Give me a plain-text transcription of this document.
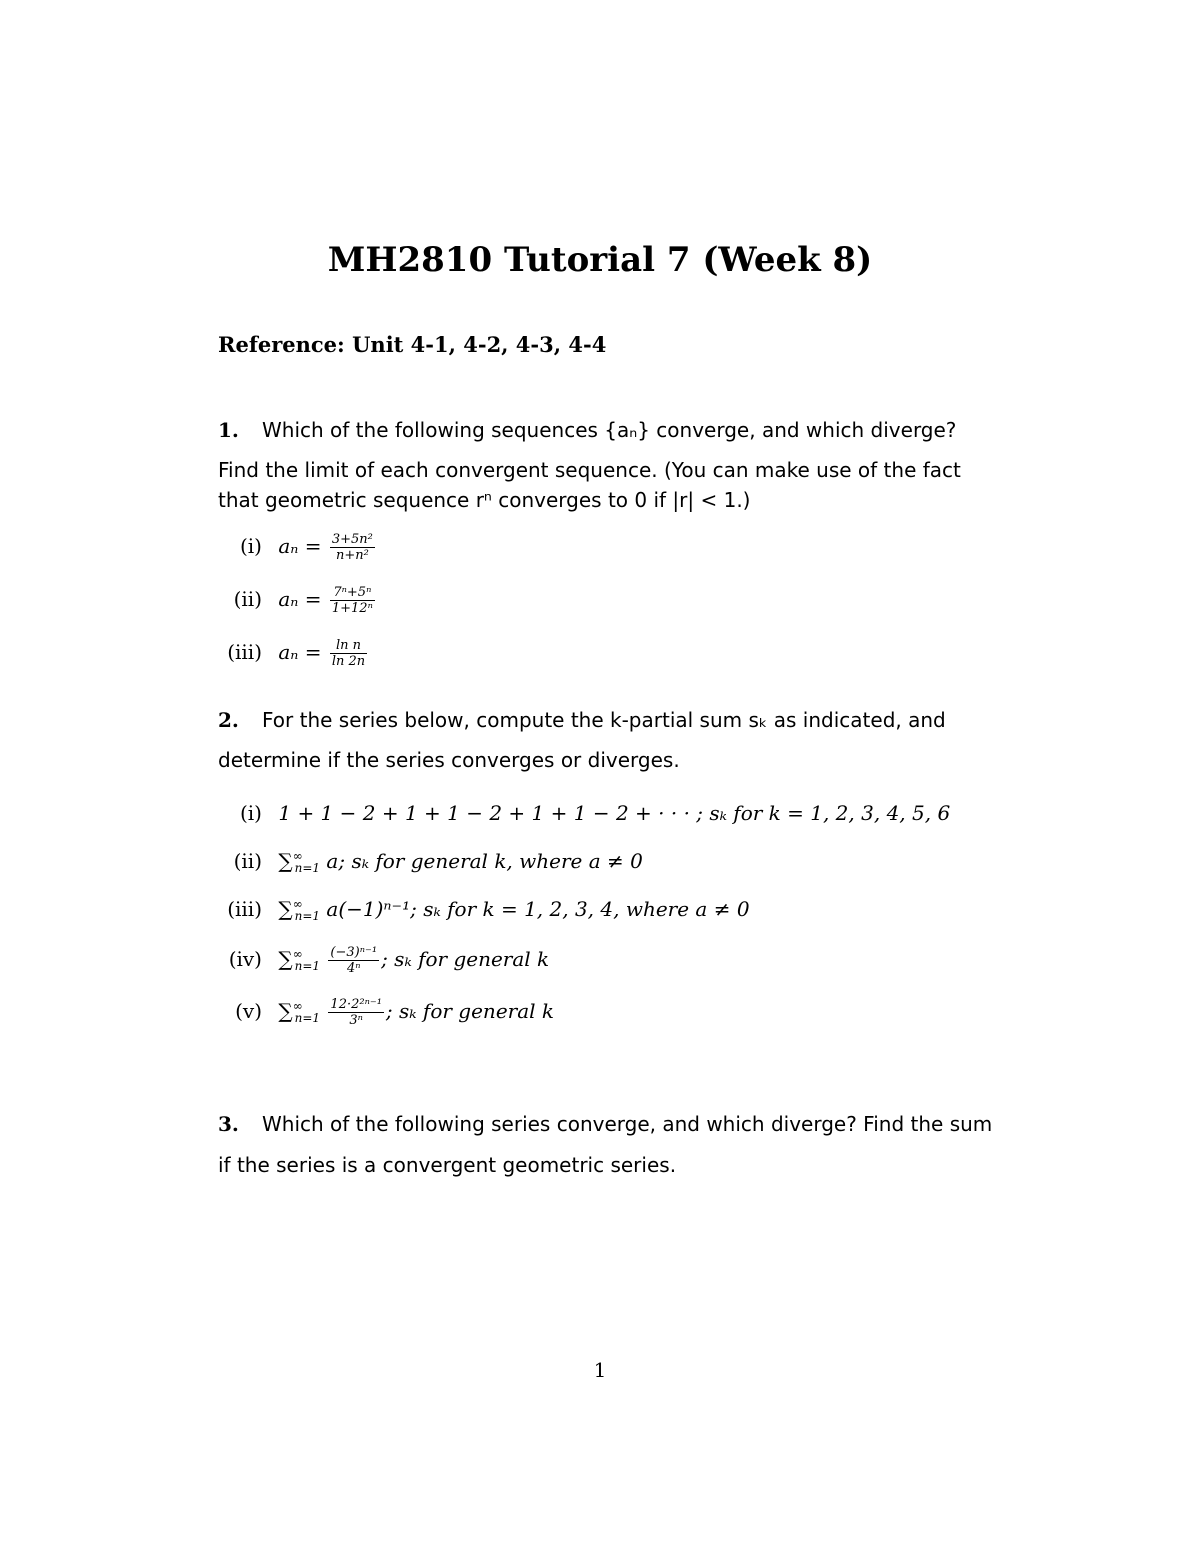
MH2810 Tutorial 7 (Week 8)
Reference: Unit 4-1, 4-2, 4-3, 4-4
1. Which of the following sequences {aₙ} converge, and which diverge?
Find the limit of each convergent sequence. (You can make use of the fact
that geometric sequence rⁿ converges to 0 if |r| < 1.)
(i) $a_n = \frac{\text{3+5n²}}{\text{n+n²}}$
(ii) $a_n = \frac{\text{7ⁿ+5ⁿ}}{\text{1+12ⁿ}}$
(iii) $a_n = \frac{\text{ln n}}{\ln 2n}$
2. For the series below, compute the k-partial sum sₖ as indicated, and
determine if the series converges or diverges.
(i) 1 + 1 − 2 + 1 + 1 − 2 + 1 + 1 − 2 + · · · ; sₖ for k = 1, 2, 3, 4, 5, 6
(ii) $\sum^\infty_{n=1}$ a; sₖ for general k, where a ≠ 0
(iii) $\sum^\infty_{n=1}$ a(−1)ⁿ⁻¹; sₖ for k = 1, 2, 3, 4, where a ≠ 0
(iv) $\sum^\infty_{n=1} \frac{\text{(−3)ⁿ⁻¹}}{\text{4ⁿ}}$ ; sₖ for general k
(v) $\sum^\infty_{n=1} \frac{\text{12·2²ⁿ⁻¹}}{\text{3ⁿ}}$ ; sₖ for general k
3. Which of the following series converge, and which diverge? Find the sum
if the series is a convergent geometric series.
1
